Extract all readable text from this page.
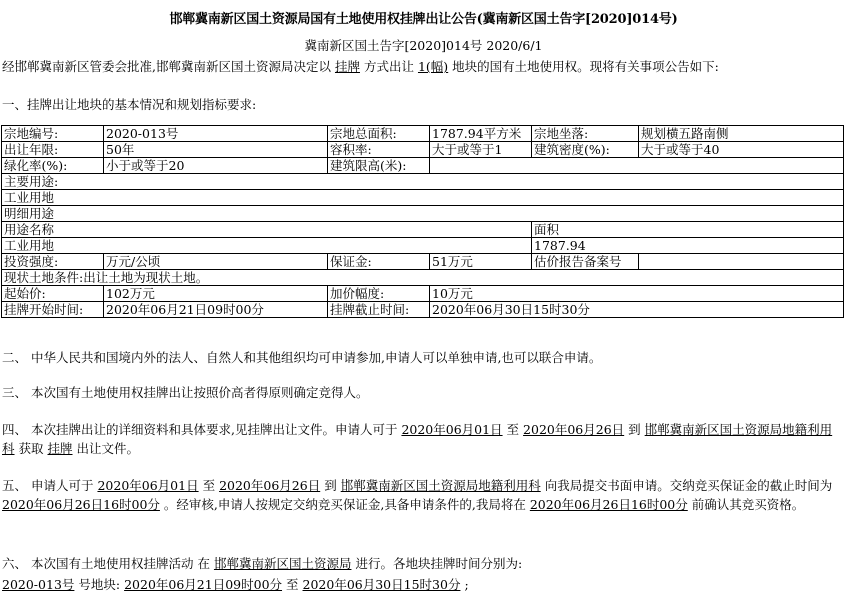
邯郸冀南新区国土资源局国有土地使用权挂牌出让公告(冀南新区国土告字[2020]014号)
冀南新区国土告字[2020]014号 2020/6/1
经邯郸冀南新区管委会批准,邯郸冀南新区国土资源局决定以 挂牌 方式出让 1(幅) 地块的国有土地使用权。现将有关事项公告如下:
一、挂牌出让地块的基本情况和规划指标要求:
宗地编号:	2020-013号	宗地总面积:	1787.94平方米	宗地坐落:	规划横五路南侧
出让年限:	50年	容积率:	大于或等于1	建筑密度(%):	大于或等于40
绿化率(%):	小于或等于20	建筑限高(米):			
主要用途:					
工业用地					
明细用途					
用途名称				面积	
工业用地				1787.94	
投资强度:	万元/公顷	保证金:	51万元	估价报告备案号	
现状土地条件:出让土地为现状土地。					
起始价:	102万元	加价幅度:	10万元		
挂牌开始时间:	2020年06月21日09时00分	挂牌截止时间:	2020年06月30日15时30分		
二、 中华人民共和国境内外的法人、自然人和其他组织均可申请参加,申请人可以单独申请,也可以联合申请。
三、 本次国有土地使用权挂牌出让按照价高者得原则确定竞得人。
四、 本次挂牌出让的详细资料和具体要求,见挂牌出让文件。申请人可于 2020年06月01日 至 2020年06月26日 到 邯郸冀南新区国土资源局地籍利用科 获取 挂牌 出让文件。
五、 申请人可于 2020年06月01日 至 2020年06月26日 到 邯郸冀南新区国土资源局地籍利用科 向我局提交书面申请。交纳竞买保证金的截止时间为 2020年06月26日16时00分 。经审核,申请人按规定交纳竞买保证金,具备申请条件的,我局将在 2020年06月26日16时00分 前确认其竞买资格。
六、 本次国有土地使用权挂牌活动 在 邯郸冀南新区国土资源局 进行。各地块挂牌时间分别为:
2020-013号 号地块: 2020年06月21日09时00分 至 2020年06月30日15时30分 ;
